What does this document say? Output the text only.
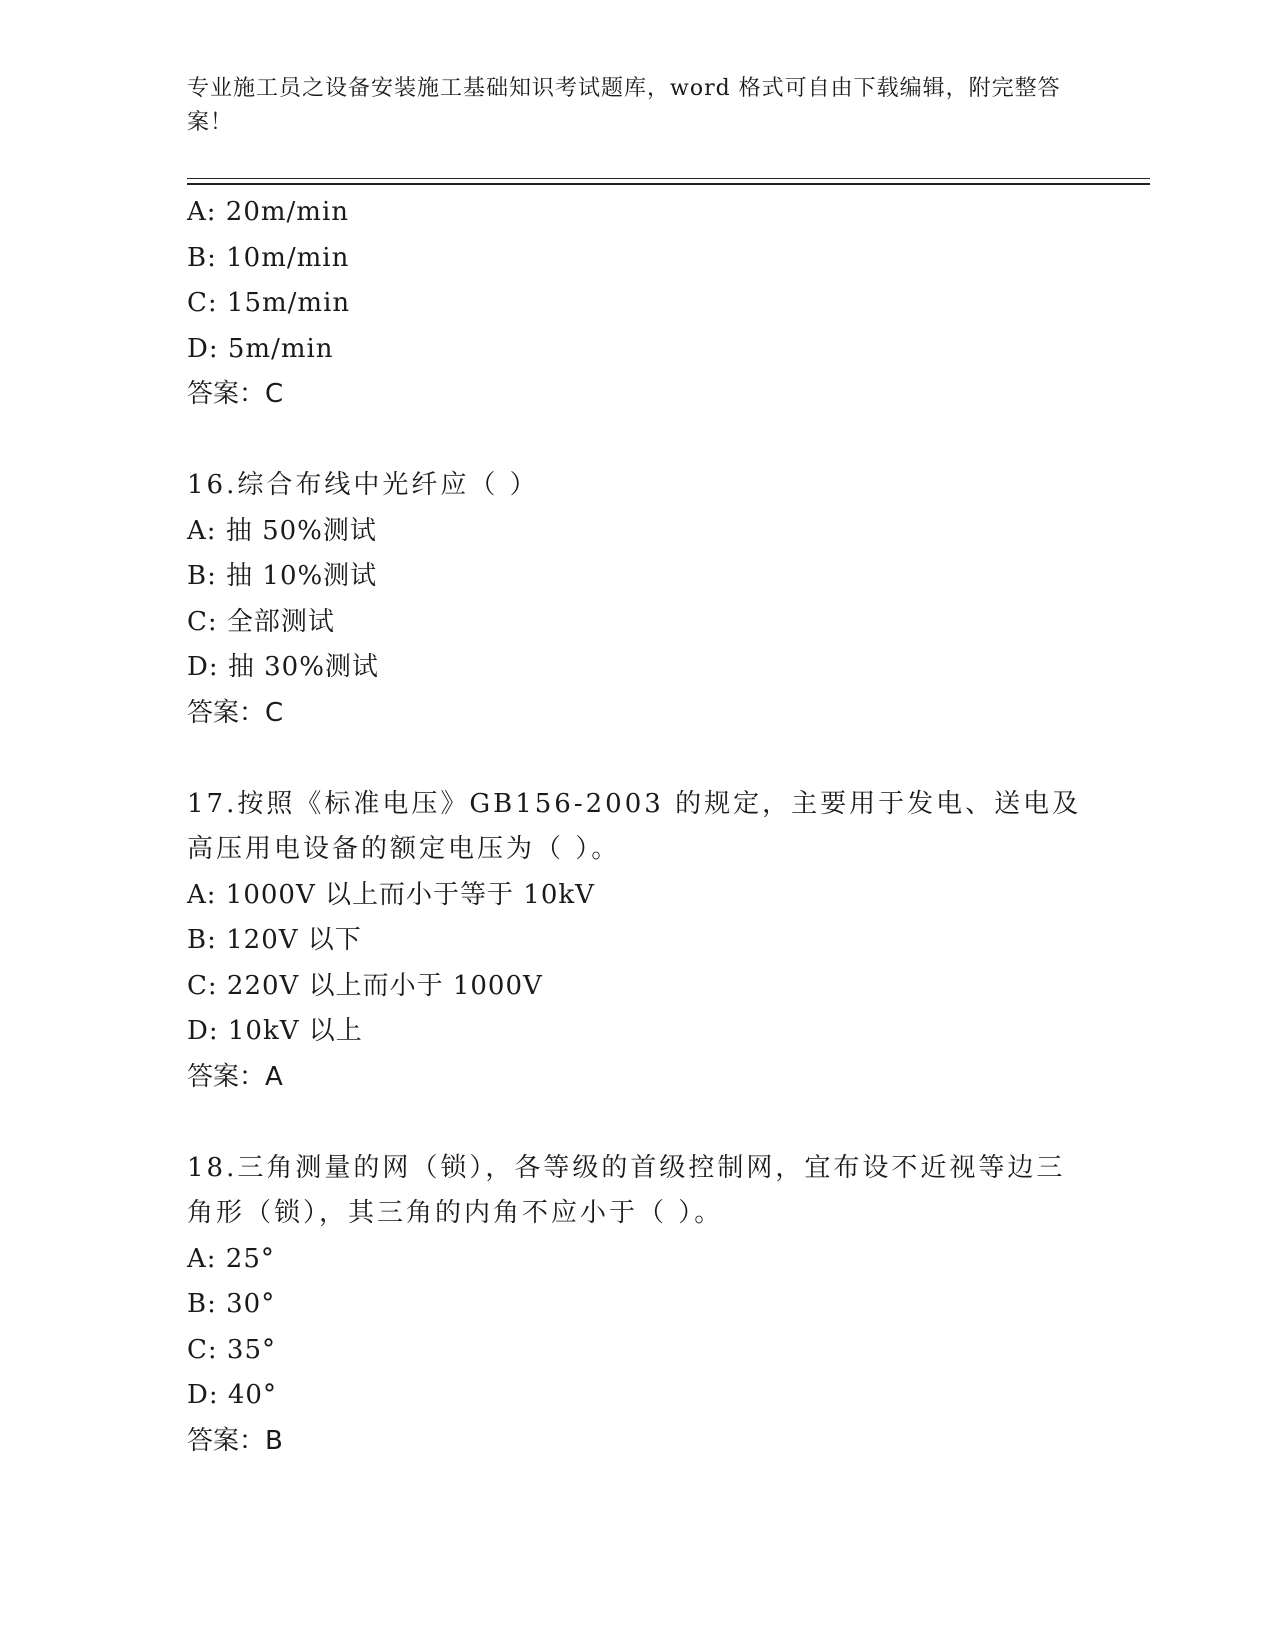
专业施工员之设备安装施工基础知识考试题库，word 格式可自由下载编辑，附完整答案！
A: 20m/min
B: 10m/min
C: 15m/min
D: 5m/min
答案：C
16.综合布线中光纤应（ ）
A: 抽 50%测试
B: 抽 10%测试
C: 全部测试
D: 抽 30%测试
答案：C
17.按照《标准电压》GB156-2003 的规定，主要用于发电、送电及高压用电设备的额定电压为（ ）。
A: 1000V 以上而小于等于 10kV
B: 120V 以下
C: 220V 以上而小于 1000V
D: 10kV 以上
答案：A
18.三角测量的网（锁），各等级的首级控制网，宜布设不近视等边三角形（锁），其三角的内角不应小于（ ）。
A: 25°
B: 30°
C: 35°
D: 40°
答案：B
